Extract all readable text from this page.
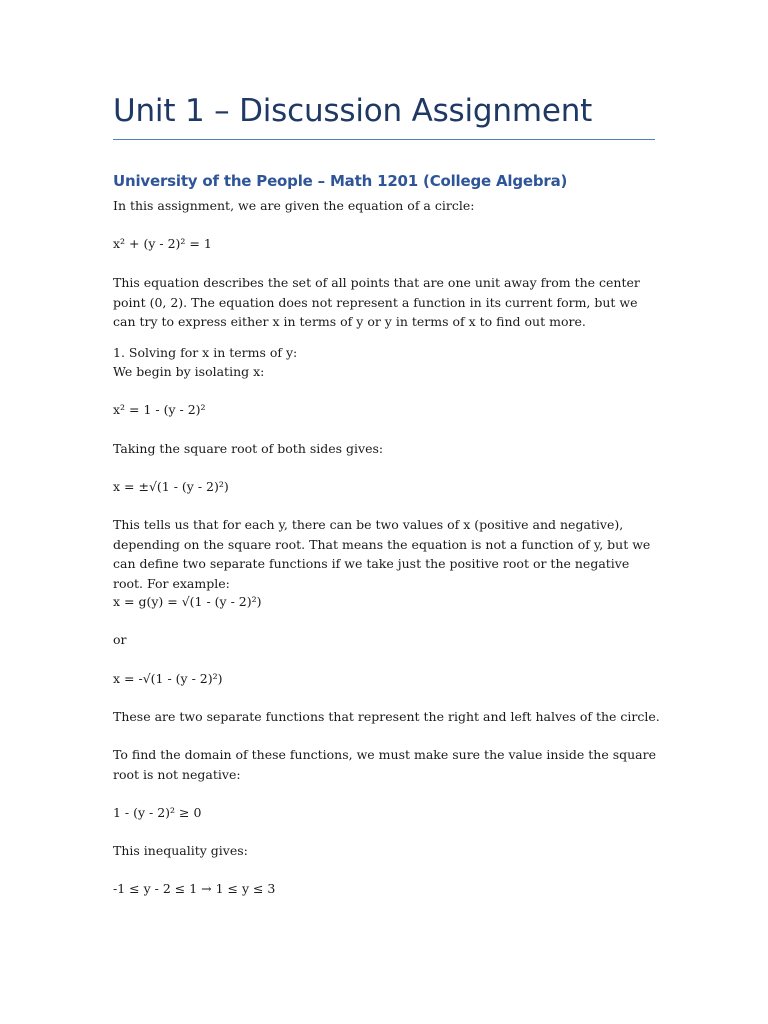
Unit 1 – Discussion Assignment
University of the People – Math 1201 (College Algebra)
In this assignment, we are given the equation of a circle:
x² + (y - 2)² = 1
This equation describes the set of all points that are one unit away from the center point (0, 2). The equation does not represent a function in its current form, but we can try to express either x in terms of y or y in terms of x to find out more.
1. Solving for x in terms of y:
We begin by isolating x:
x² = 1 - (y - 2)²
Taking the square root of both sides gives:
x = ±√(1 - (y - 2)²)
This tells us that for each y, there can be two values of x (positive and negative), depending on the square root. That means the equation is not a function of y, but we can define two separate functions if we take just the positive root or the negative root. For example:
x = g(y) = √(1 - (y - 2)²)
or
x = -√(1 - (y - 2)²)
These are two separate functions that represent the right and left halves of the circle.
To find the domain of these functions, we must make sure the value inside the square root is not negative:
1 - (y - 2)² ≥ 0
This inequality gives:
-1 ≤ y - 2 ≤ 1 → 1 ≤ y ≤ 3
